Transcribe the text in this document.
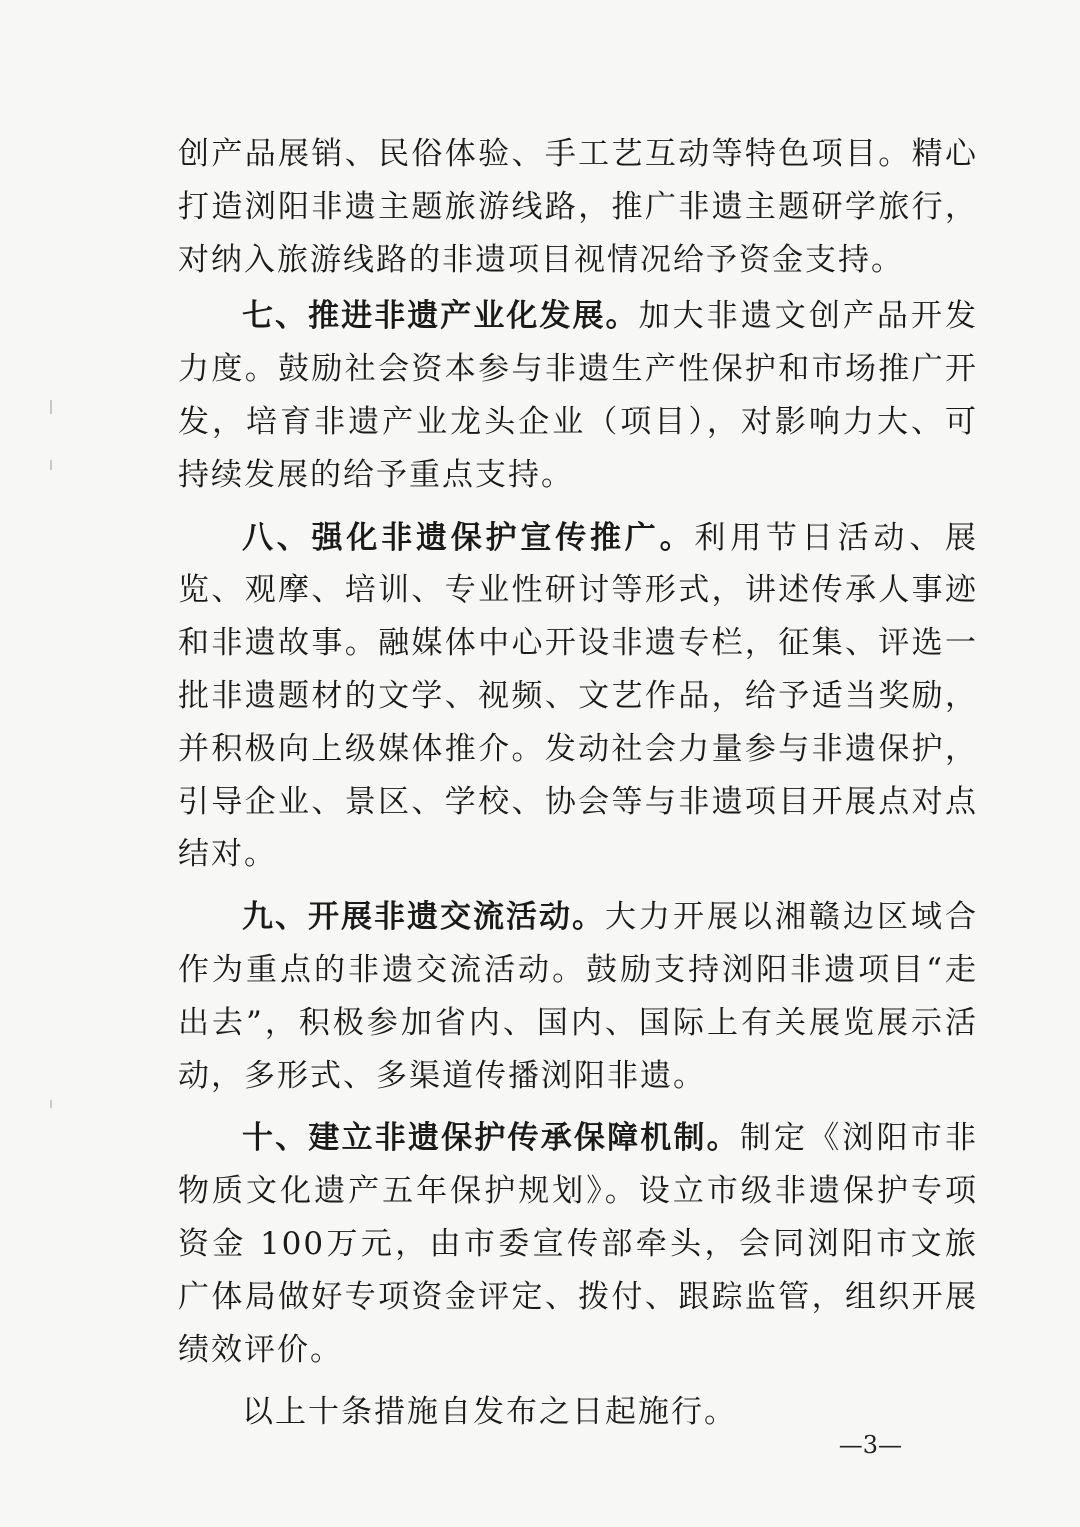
创产品展销、民俗体验、手工艺互动等特色项目。精心打造浏阳非遗主题旅游线路，推广非遗主题研学旅行，对纳入旅游线路的非遗项目视情况给予资金支持。

七、推进非遗产业化发展。加大非遗文创产品开发力度。鼓励社会资本参与非遗生产性保护和市场推广开发，培育非遗产业龙头企业（项目），对影响力大、可持续发展的给予重点支持。

八、强化非遗保护宣传推广。利用节日活动、展览、观摩、培训、专业性研讨等形式，讲述传承人事迹和非遗故事。融媒体中心开设非遗专栏，征集、评选一批非遗题材的文学、视频、文艺作品，给予适当奖励，并积极向上级媒体推介。发动社会力量参与非遗保护，引导企业、景区、学校、协会等与非遗项目开展点对点结对。

九、开展非遗交流活动。大力开展以湘赣边区域合作为重点的非遗交流活动。鼓励支持浏阳非遗项目“走出去”，积极参加省内、国内、国际上有关展览展示活动，多形式、多渠道传播浏阳非遗。

十、建立非遗保护传承保障机制。制定《浏阳市非物质文化遗产五年保护规划》。设立市级非遗保护专项资金 100万元，由市委宣传部牵头，会同浏阳市文旅广体局做好专项资金评定、拨付、跟踪监管，组织开展绩效评价。

以上十条措施自发布之日起施行。

—3—
